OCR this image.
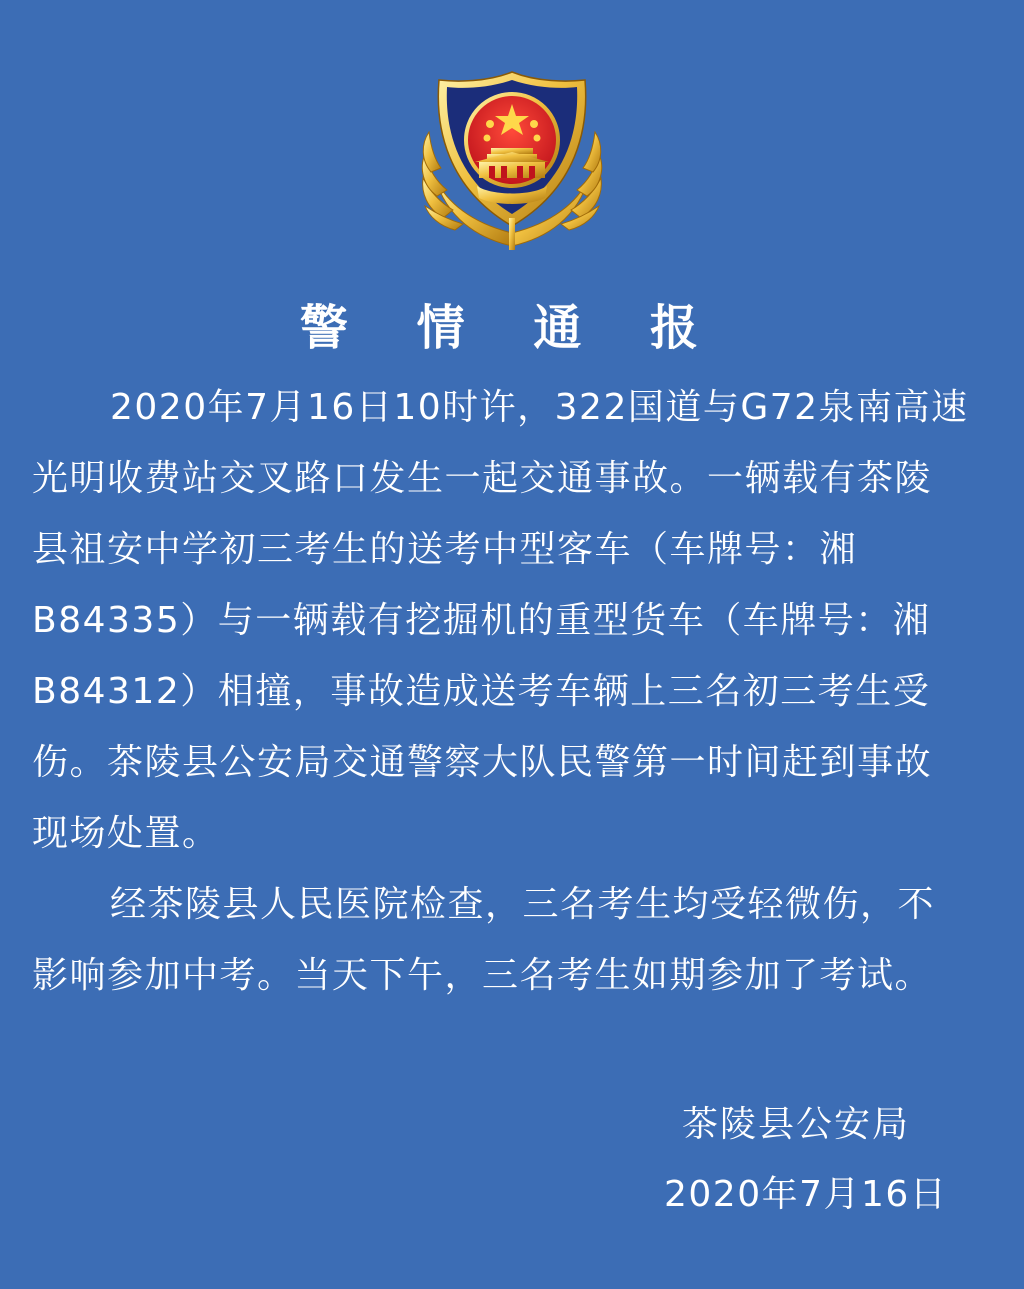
警 情 通 报

2020年7月16日10时许，322国道与G72泉南高速

光明收费站交叉路口发生一起交通事故。一辆载有茶陵
县祖安中学初三考生的送考中型客车（车牌号：湘
B84335）与一辆载有挖掘机的重型货车（车牌号：湘
B84312）相撞，事故造成送考车辆上三名初三考生受
伤。茶陵县公安局交通警察大队民警第一时间赶到事故
现场处置。

经茶陵县人民医院检查，三名考生均受轻微伤，不

影响参加中考。当天下午，三名考生如期参加了考试。
茶陵县公安局
2020年7月16日
